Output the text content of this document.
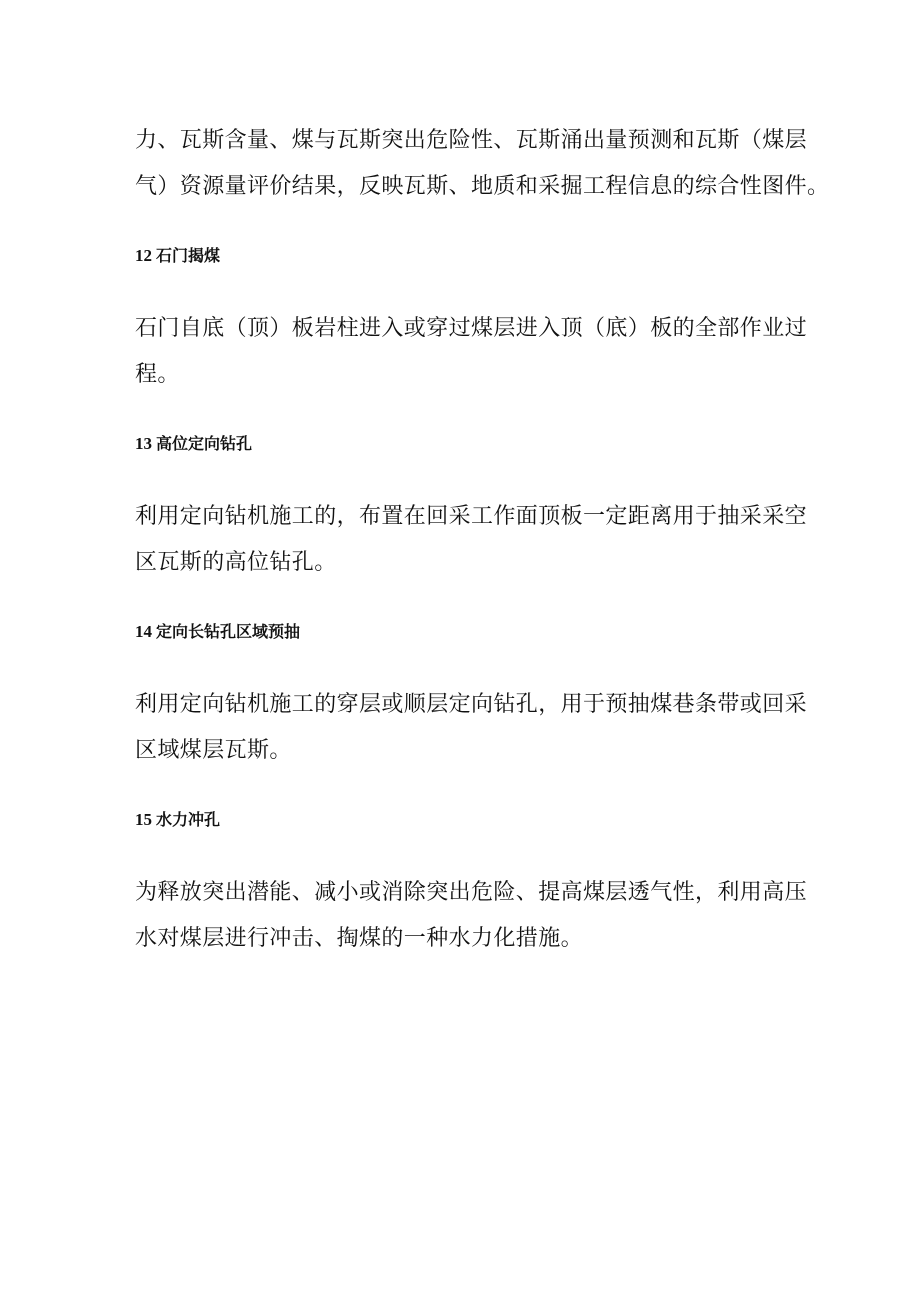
力、瓦斯含量、煤与瓦斯突出危险性、瓦斯涌出量预测和瓦斯（煤层
气）资源量评价结果，反映瓦斯、地质和采掘工程信息的综合性图件。

12 石门揭煤

石门自底（顶）板岩柱进入或穿过煤层进入顶（底）板的全部作业过
程。

13 高位定向钻孔

利用定向钻机施工的，布置在回采工作面顶板一定距离用于抽采采空
区瓦斯的高位钻孔。

14 定向长钻孔区域预抽

利用定向钻机施工的穿层或顺层定向钻孔，用于预抽煤巷条带或回采
区域煤层瓦斯。

15 水力冲孔

为释放突出潜能、减小或消除突出危险、提高煤层透气性，利用高压
水对煤层进行冲击、掏煤的一种水力化措施。
